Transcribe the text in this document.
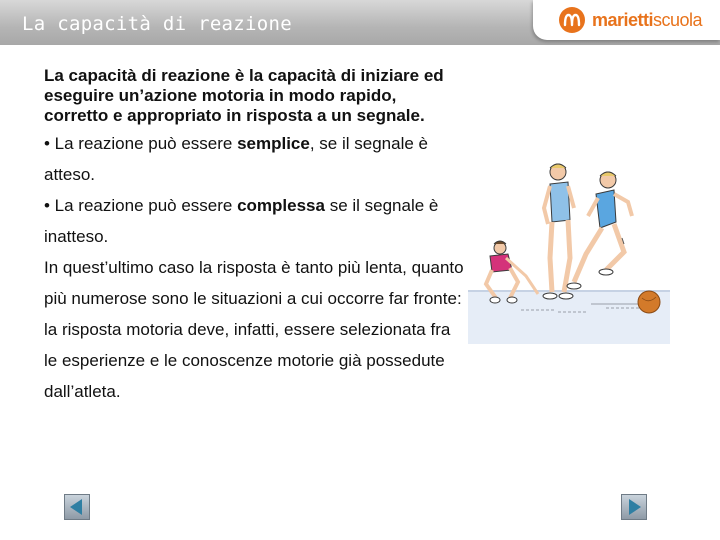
La capacità di reazione	mariettiscuola

La capacità di reazione è la capacità di iniziare ed eseguire un’azione motoria in modo rapido, corretto e appropriato in risposta a un segnale.

• La reazione può essere semplice, se il segnale è atteso.

• La reazione può essere complessa se il segnale è inatteso.

In quest’ultimo caso la risposta è tanto più lenta, quanto più numerose sono le situazioni a cui occorre far fronte: la risposta motoria deve, infatti, essere selezionata fra le esperienze e le conoscenze motorie già possedute dall’atleta.
